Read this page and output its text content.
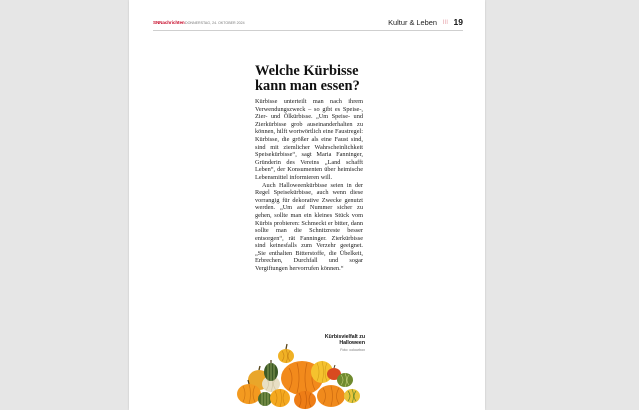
SNNachrichten DONNERSTAG, 24. OKTOBER 2024	Kultur & Leben III 19
Welche Kürbisse kann man essen?

Kürbisse unterteilt man nach ihrem Verwendungszweck – so gibt es Speise-, Zier- und Ölkürbisse. „Um Speise- und Zierkürbisse grob auseinanderhalten zu können, hilft wortwörtlich eine Faustregel: Kürbisse, die größer als eine Faust sind, sind mit ziemlicher Wahrscheinlichkeit Speisekürbisse“, sagt Maria Fanninger, Gründerin des Vereins „Land schafft Leben“, der Konsumenten über heimische Lebensmittel informieren will.

Auch Halloweenkürbisse seien in der Regel Speisekürbisse, auch wenn diese vorrangig für dekorative Zwecke genutzt werden. „Um auf Nummer sicher zu gehen, sollte man ein kleines Stück vom Kürbis probieren: Schmeckt er bitter, dann sollte man die Schnitzreste besser entsorgen“, rät Fanninger. Zierkürbisse sind keinesfalls zum Verzehr geeignet. „Sie enthalten Bitterstoffe, die Übelkeit, Erbrechen, Durchfall und sogar Vergiftungen hervorrufen können.“

Kürbisvielfalt zu Halloween
Foto: colourbox
